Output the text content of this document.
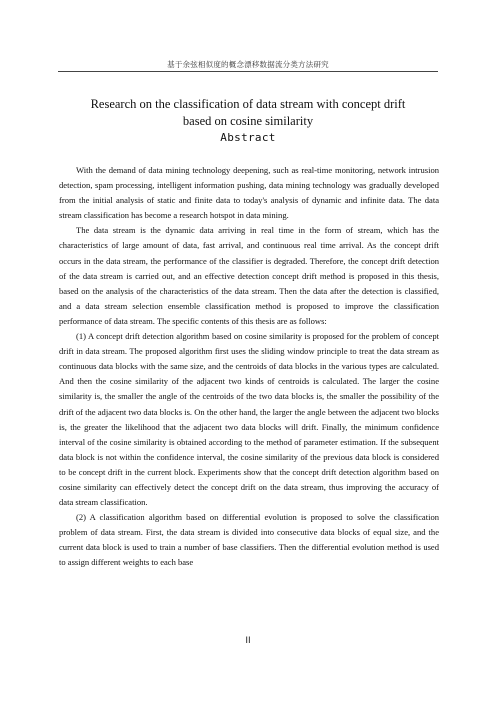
基于余弦相似度的概念漂移数据流分类方法研究
Research on the classification of data stream with concept drift
based on cosine similarity
Abstract

With the demand of data mining technology deepening, such as real-time monitoring, network intrusion detection, spam processing, intelligent information pushing, data mining technology was gradually developed from the initial analysis of static and finite data to today's analysis of dynamic and infinite data. The data stream classification has become a research hotspot in data mining.

The data stream is the dynamic data arriving in real time in the form of stream, which has the characteristics of large amount of data, fast arrival, and continuous real time arrival. As the concept drift occurs in the data stream, the performance of the classifier is degraded. Therefore, the concept drift detection of the data stream is carried out, and an effective detection concept drift method is proposed in this thesis, based on the analysis of the characteristics of the data stream. Then the data after the detection is classified, and a data stream selection ensemble classification method is proposed to improve the classification performance of data stream. The specific contents of this thesis are as follows:

(1) A concept drift detection algorithm based on cosine similarity is proposed for the problem of concept drift in data stream. The proposed algorithm first uses the sliding window principle to treat the data stream as continuous data blocks with the same size, and the centroids of data blocks in the various types are calculated. And then the cosine similarity of the adjacent two kinds of centroids is calculated. The larger the cosine similarity is, the smaller the angle of the centroids of the two data blocks is, the smaller the possibility of the drift of the adjacent two data blocks is. On the other hand, the larger the angle between the adjacent two blocks is, the greater the likelihood that the adjacent two data blocks will drift. Finally, the minimum confidence interval of the cosine similarity is obtained according to the method of parameter estimation. If the subsequent data block is not within the confidence interval, the cosine similarity of the previous data block is considered to be concept drift in the current block. Experiments show that the concept drift detection algorithm based on cosine similarity can effectively detect the concept drift on the data stream, thus improving the accuracy of data stream classification.

(2) A classification algorithm based on differential evolution is proposed to solve the classification problem of data stream. First, the data stream is divided into consecutive data blocks of equal size, and the current data block is used to train a number of base classifiers. Then the differential evolution method is used to assign different weights to each base

II
